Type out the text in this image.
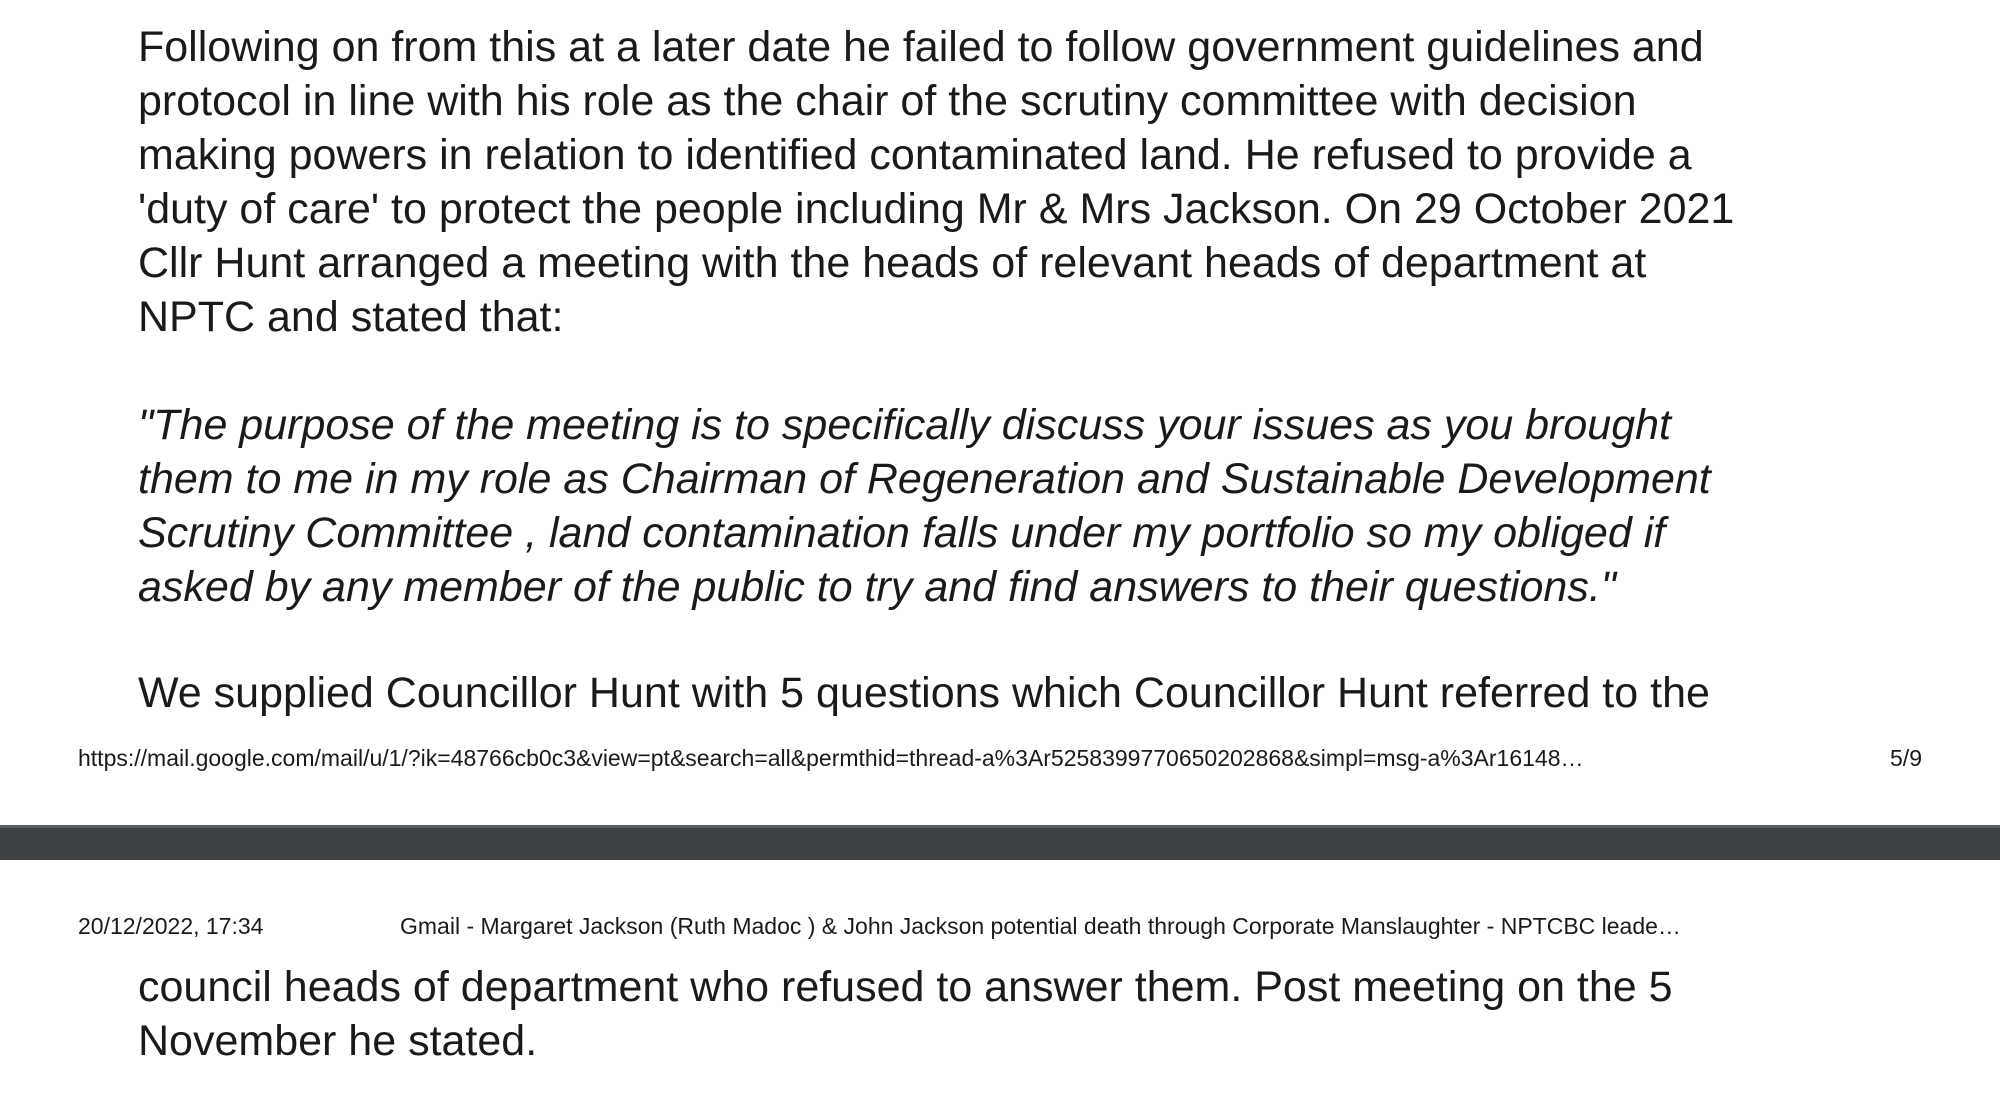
Following on from this at a later date he failed to follow government guidelines and
protocol in line with his role as the chair of the scrutiny committee with decision
making powers in relation to identified contaminated land. He refused to provide a
'duty of care' to protect the people including Mr & Mrs Jackson. On 29 October 2021
Cllr Hunt arranged a meeting with the heads of relevant heads of department at
NPTC and stated that:

"The purpose of the meeting is to specifically discuss your issues as you brought
them to me in my role as Chairman of Regeneration and Sustainable Development
Scrutiny Committee , land contamination falls under my portfolio so my obliged if
asked by any member of the public to try and find answers to their questions."

We supplied Councillor Hunt with 5 questions which Councillor Hunt referred to the

https://mail.google.com/mail/u/1/?ik=48766cb0c3&view=pt&search=all&permthid=thread-a%3Ar5258399770650202868&simpl=msg-a%3Ar16148…	5/9
20/12/2022, 17:34	Gmail - Margaret Jackson (Ruth Madoc ) & John Jackson potential death through Corporate Manslaughter - NPTCBC leade…

council heads of department who refused to answer them. Post meeting on the 5
November he stated.
